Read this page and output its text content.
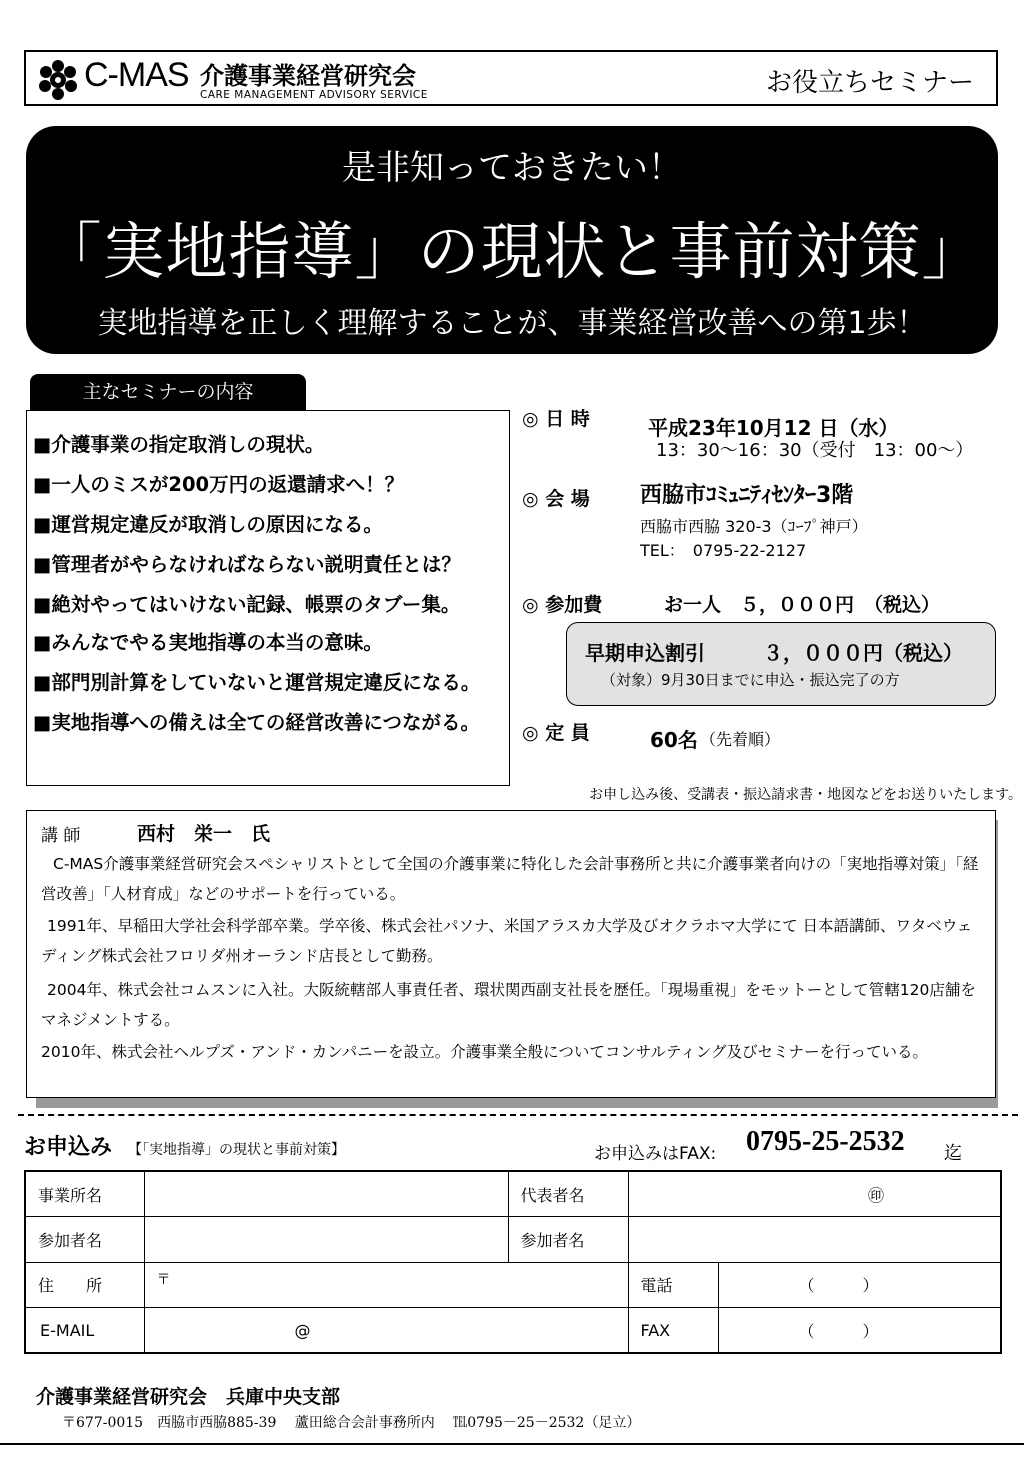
C-MAS 介護事業経営研究会
CARE MANAGEMENT ADVISORY SERVICE	お役立ちセミナー
是非知っておきたい！
「実地指導」の現状と事前対策」
実地指導を正しく理解することが、事業経営改善への第1歩！
主なセミナーの内容
■介護事業の指定取消しの現状。
■一人のミスが200万円の返還請求へ！？
■運営規定違反が取消しの原因になる。
■管理者がやらなければならない説明責任とは？
■絶対やってはいけない記録、帳票のタブー集。
■みんなでやる実地指導の本当の意味。
■部門別計算をしていないと運営規定違反になる。
■実地指導への備えは全ての経営改善につながる。
◎ 日 時	平成23年10月12 日（水）
13：30～16：30（受付　13：00～）
◎ 会 場 西脇市ｺﾐｭﾆﾃｨｾﾝﾀｰ3階
西脇市西脇 320-3（ｺｰﾌﾟ神戸）
TEL：　0795-22-2127
◎ 参加費	お一人　５，０００円 （税込）
早期申込割引	３，０００円（税込）
（対象）9月30日までに申込・振込完了の方
◎ 定 員	60名 （先着順）
お申し込み後、受講表・振込請求書・地図などをお送りいたします。
講 師	西村　栄一　氏
C-MAS介護事業経営研究会スペシャリストとして全国の介護事業に特化した会計事務所と共に介護事業者向けの「実地指導対策」「経営改善」「人材育成」などのサポートを行っている。
1991年、早稲田大学社会科学部卒業。学卒後、株式会社パソナ、米国アラスカ大学及びオクラホマ大学にて 日本語講師、ワタベウェディング株式会社フロリダ州オーランド店長として勤務。
2004年、株式会社コムスンに入社。大阪統轄部人事責任者、環状関西副支社長を歴任。「現場重視」をモットーとして管轄120店舗をマネジメントする。
2010年、株式会社ヘルプズ・アンド・カンパニーを設立。介護事業全般についてコンサルティング及びセミナーを行っている。
お申込み 【「実地指導」の現状と事前対策】	お申込みはFAX: 0795-25-2532 迄
事業所名		代表者名	㊞	
参加者名		参加者名		
住　　所	〒		電話	（　　　）
E-MAIL	@		FAX	（　　　）
介護事業経営研究会　兵庫中央支部
〒677-0015　西脇市西脇885-39　 蘆田総合会計事務所内　 ℡0795－25－2532（足立）
